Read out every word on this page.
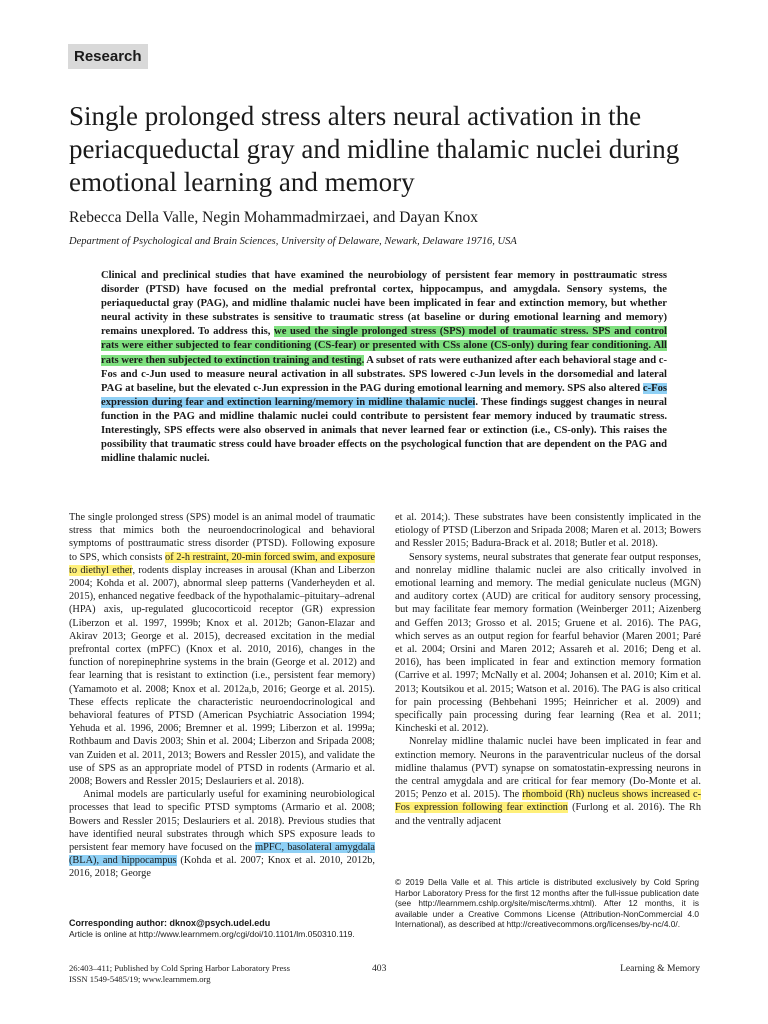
Research
Single prolonged stress alters neural activation in the periacqueductal gray and midline thalamic nuclei during emotional learning and memory
Rebecca Della Valle, Negin Mohammadmirzaei, and Dayan Knox
Department of Psychological and Brain Sciences, University of Delaware, Newark, Delaware 19716, USA

Clinical and preclinical studies that have examined the neurobiology of persistent fear memory in posttraumatic stress disorder (PTSD) have focused on the medial prefrontal cortex, hippocampus, and amygdala. Sensory systems, the periaqueductal gray (PAG), and midline thalamic nuclei have been implicated in fear and extinction memory, but whether neural activity in these substrates is sensitive to traumatic stress (at baseline or during emotional learning and memory) remains unexplored. To address this, we used the single prolonged stress (SPS) model of traumatic stress. SPS and control rats were either subjected to fear conditioning (CS-fear) or presented with CSs alone (CS-only) during fear conditioning. All rats were then subjected to extinction training and testing. A subset of rats were euthanized after each behavioral stage and c-Fos and c-Jun used to measure neural activation in all substrates. SPS lowered c-Jun levels in the dorsomedial and lateral PAG at baseline, but the elevated c-Jun expression in the PAG during emotional learning and memory. SPS also altered c-Fos expression during fear and extinction learning/memory in midline thalamic nuclei. These findings suggest changes in neural function in the PAG and midline thalamic nuclei could contribute to persistent fear memory induced by traumatic stress. Interestingly, SPS effects were also observed in animals that never learned fear or extinction (i.e., CS-only). This raises the possibility that traumatic stress could have broader effects on the psychological function that are dependent on the PAG and midline thalamic nuclei.

The single prolonged stress (SPS) model is an animal model of traumatic stress that mimics both the neuroendocrinological and behavioral symptoms of posttraumatic stress disorder (PTSD). Following exposure to SPS, which consists of 2-h restraint, 20-min forced swim, and exposure to diethyl ether, rodents display increases in arousal (Khan and Liberzon 2004; Kohda et al. 2007), abnormal sleep patterns (Vanderheyden et al. 2015), enhanced negative feedback of the hypothalamic–pituitary–adrenal (HPA) axis, up-regulated glucocorticoid receptor (GR) expression (Liberzon et al. 1997, 1999b; Knox et al. 2012b; Ganon-Elazar and Akirav 2013; George et al. 2015), decreased excitation in the medial prefrontal cortex (mPFC) (Knox et al. 2010, 2016), changes in the function of norepinephrine systems in the brain (George et al. 2012) and fear learning that is resistant to extinction (i.e., persistent fear memory) (Yamamoto et al. 2008; Knox et al. 2012a,b, 2016; George et al. 2015). These effects replicate the characteristic neuroendocrinological and behavioral features of PTSD (American Psychiatric Association 1994; Yehuda et al. 1996, 2006; Bremner et al. 1999; Liberzon et al. 1999a; Rothbaum and Davis 2003; Shin et al. 2004; Liberzon and Sripada 2008; van Zuiden et al. 2011, 2013; Bowers and Ressler 2015), and validate the use of SPS as an appropriate model of PTSD in rodents (Armario et al. 2008; Bowers and Ressler 2015; Deslauriers et al. 2018).

Animal models are particularly useful for examining neurobiological processes that lead to specific PTSD symptoms (Armario et al. 2008; Bowers and Ressler 2015; Deslauriers et al. 2018). Previous studies that have identified neural substrates through which SPS exposure leads to persistent fear memory have focused on the mPFC, basolateral amygdala (BLA), and hippocampus (Kohda et al. 2007; Knox et al. 2010, 2012b, 2016, 2018; George

et al. 2014;). These substrates have been consistently implicated in the etiology of PTSD (Liberzon and Sripada 2008; Maren et al. 2013; Bowers and Ressler 2015; Badura-Brack et al. 2018; Butler et al. 2018).

Sensory systems, neural substrates that generate fear output responses, and nonrelay midline thalamic nuclei are also critically involved in emotional learning and memory. The medial geniculate nucleus (MGN) and auditory cortex (AUD) are critical for auditory sensory processing, but may facilitate fear memory formation (Weinberger 2011; Aizenberg and Geffen 2013; Grosso et al. 2015; Gruene et al. 2016). The PAG, which serves as an output region for fearful behavior (Maren 2001; Paré et al. 2004; Orsini and Maren 2012; Assareh et al. 2016; Deng et al. 2016), has been implicated in fear and extinction memory formation (Carrive et al. 1997; McNally et al. 2004; Johansen et al. 2010; Kim et al. 2013; Koutsikou et al. 2015; Watson et al. 2016). The PAG is also critical for pain processing (Behbehani 1995; Heinricher et al. 2009) and specifically pain processing during fear learning (Rea et al. 2011; Kincheski et al. 2012).

Nonrelay midline thalamic nuclei have been implicated in fear and extinction memory. Neurons in the paraventricular nucleus of the dorsal midline thalamus (PVT) synapse on somatostatin-expressing neurons in the central amygdala and are critical for fear memory (Do-Monte et al. 2015; Penzo et al. 2015). The rhomboid (Rh) nucleus shows increased c-Fos expression following fear extinction (Furlong et al. 2016). The Rh and the ventrally adjacent

Corresponding author: dknox@psych.udel.edu
Article is online at http://www.learnmem.org/cgi/doi/10.1101/lm.050310.119.
© 2019 Della Valle et al. This article is distributed exclusively by Cold Spring Harbor Laboratory Press for the first 12 months after the full-issue publication date (see http://learnmem.cshlp.org/site/misc/terms.xhtml). After 12 months, it is available under a Creative Commons License (Attribution-NonCommercial 4.0 International), as described at http://creativecommons.org/licenses/by-nc/4.0/.
26:403–411; Published by Cold Spring Harbor Laboratory Press
ISSN 1549-5485/19; www.learnmem.org
403	Learning & Memory
